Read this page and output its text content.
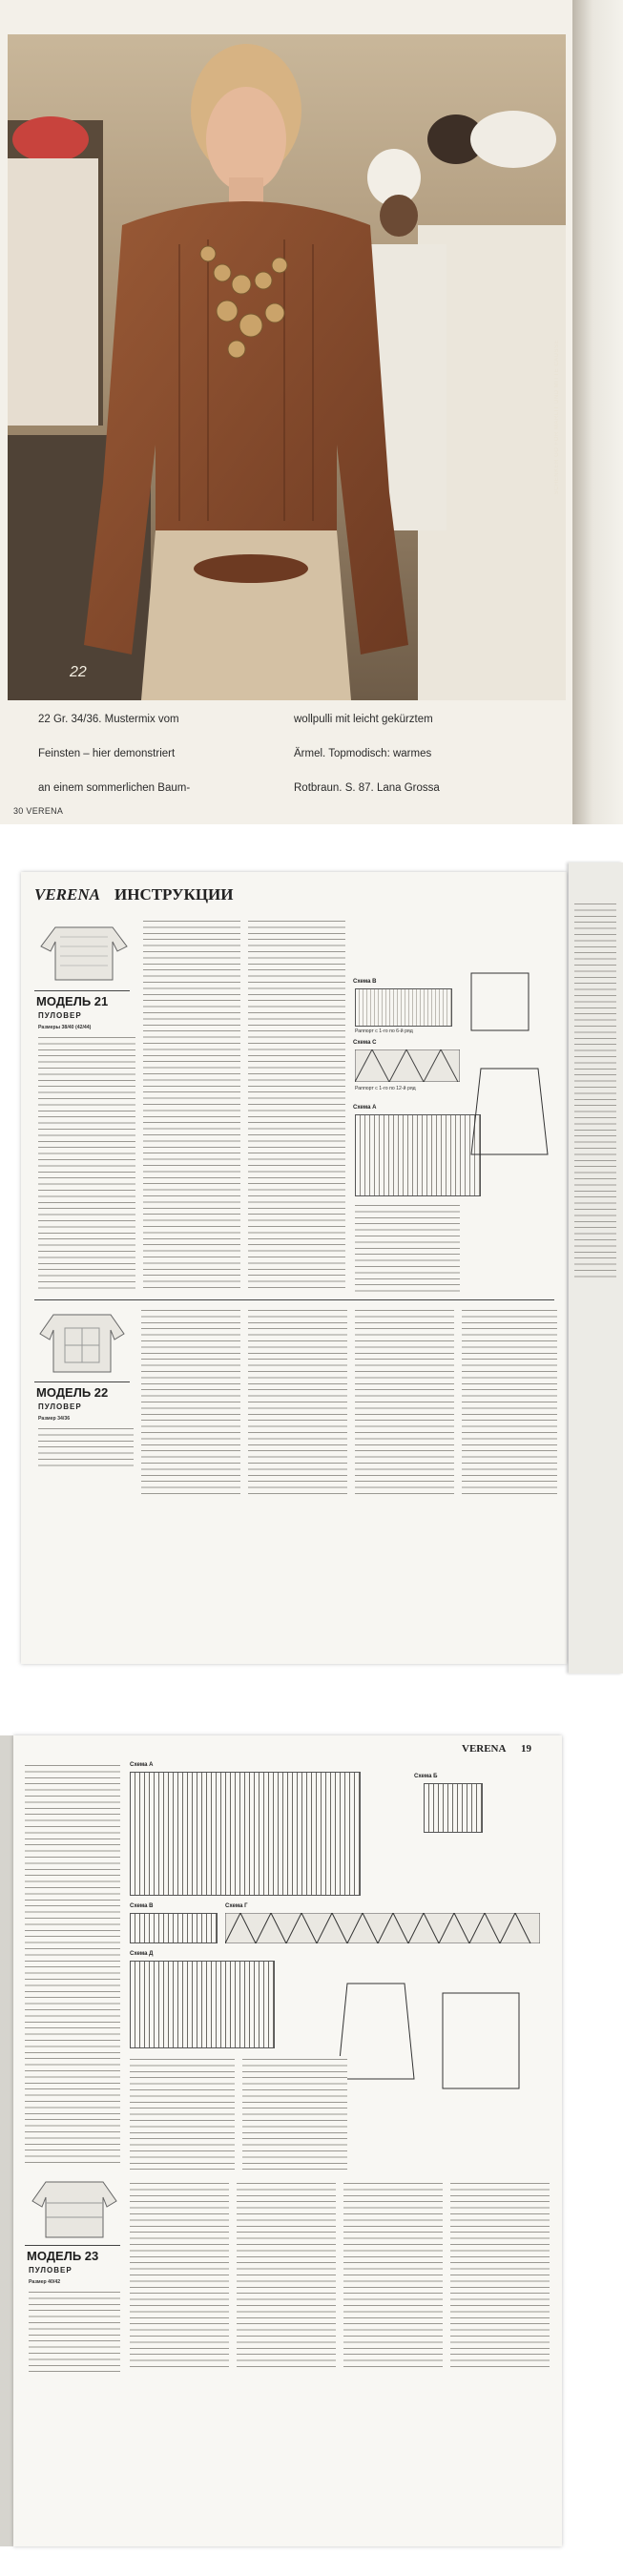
22
SCHENKER GO FOR MARLIT UND MITTE CAUSSE
22 Gr. 34/36. Mustermix vom
Feinsten – hier demonstriert
an einem sommerlichen Baum-
wollpulli mit leicht gekürztem
Ärmel. Topmodisch: warmes
Rotbraun. S. 87. Lana Grossa
30 VERENA
VERENA ИНСТРУКЦИИ
МОДЕЛЬ 21
ПУЛОВЕР
Размеры 38/40 (42/44)
Схема B
Раппорт с 1-го по 6-й ряд
Схема C
Раппорт с 1-го по 12-й ряд
Схема A
МОДЕЛЬ 22
ПУЛОВЕР
Размер 34/36
VERENA 19
Схема А
Схема Б
Схема В	Схема Г
Схема Д
МОДЕЛЬ 23
ПУЛОВЕР
Размер 40/42
